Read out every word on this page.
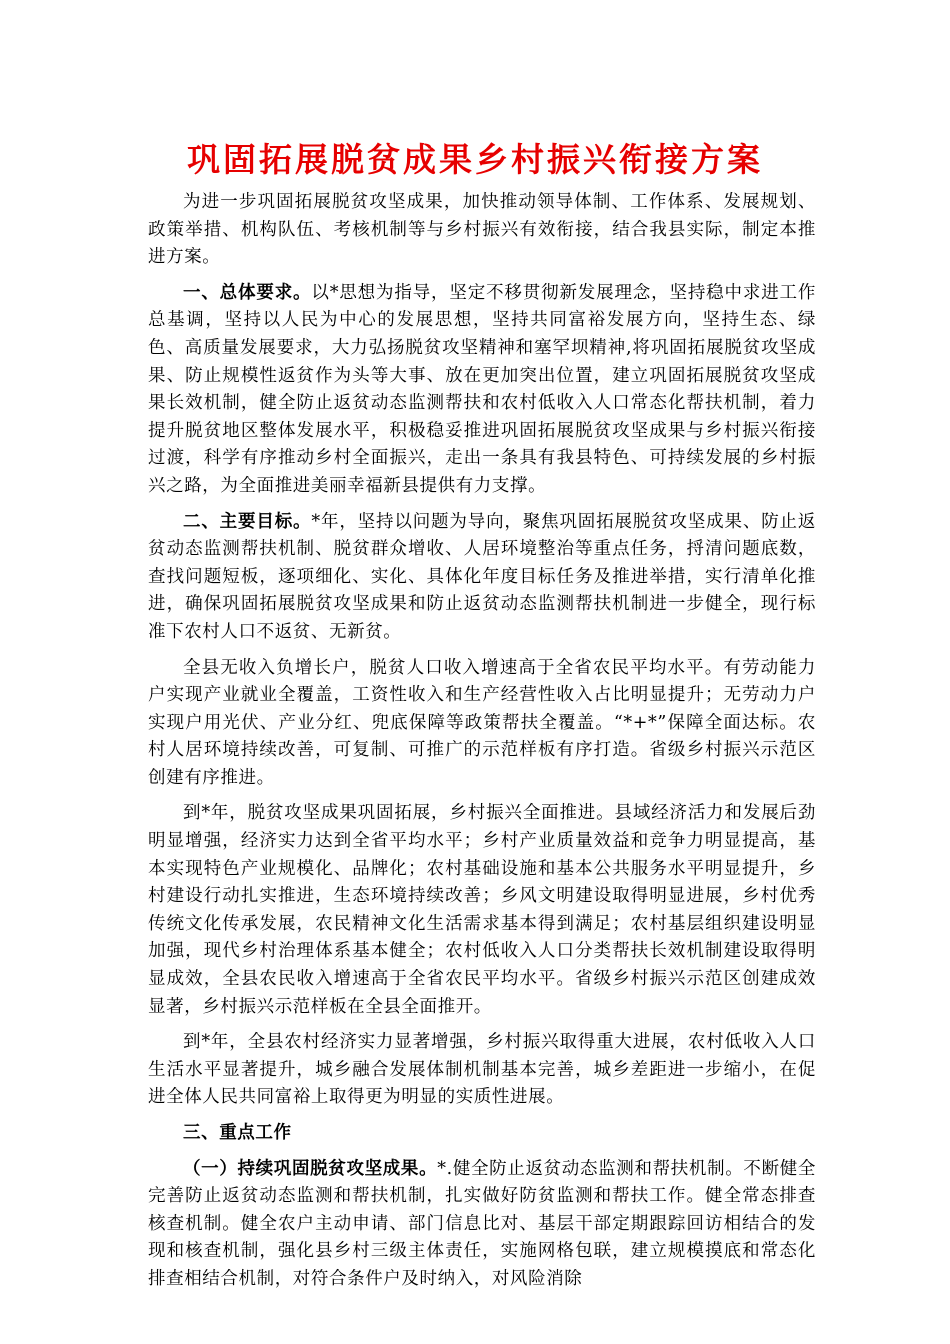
巩固拓展脱贫成果乡村振兴衔接方案

为进一步巩固拓展脱贫攻坚成果，加快推动领导体制、工作体系、发展规划、政策举措、机构队伍、考核机制等与乡村振兴有效衔接，结合我县实际，制定本推进方案。

一、总体要求。以*思想为指导，坚定不移贯彻新发展理念，坚持稳中求进工作总基调，坚持以人民为中心的发展思想，坚持共同富裕发展方向，坚持生态、绿色、高质量发展要求，大力弘扬脱贫攻坚精神和塞罕坝精神,将巩固拓展脱贫攻坚成果、防止规模性返贫作为头等大事、放在更加突出位置，建立巩固拓展脱贫攻坚成果长效机制，健全防止返贫动态监测帮扶和农村低收入人口常态化帮扶机制，着力提升脱贫地区整体发展水平，积极稳妥推进巩固拓展脱贫攻坚成果与乡村振兴衔接过渡，科学有序推动乡村全面振兴，走出一条具有我县特色、可持续发展的乡村振兴之路，为全面推进美丽幸福新县提供有力支撑。

二、主要目标。*年，坚持以问题为导向，聚焦巩固拓展脱贫攻坚成果、防止返贫动态监测帮扶机制、脱贫群众增收、人居环境整治等重点任务，捋清问题底数，查找问题短板，逐项细化、实化、具体化年度目标任务及推进举措，实行清单化推进，确保巩固拓展脱贫攻坚成果和防止返贫动态监测帮扶机制进一步健全，现行标准下农村人口不返贫、无新贫。

全县无收入负增长户，脱贫人口收入增速高于全省农民平均水平。有劳动能力户实现产业就业全覆盖，工资性收入和生产经营性收入占比明显提升；无劳动力户实现户用光伏、产业分红、兜底保障等政策帮扶全覆盖。“*+*”保障全面达标。农村人居环境持续改善，可复制、可推广的示范样板有序打造。省级乡村振兴示范区创建有序推进。

到*年，脱贫攻坚成果巩固拓展，乡村振兴全面推进。县域经济活力和发展后劲明显增强，经济实力达到全省平均水平；乡村产业质量效益和竞争力明显提高，基本实现特色产业规模化、品牌化；农村基础设施和基本公共服务水平明显提升，乡村建设行动扎实推进，生态环境持续改善；乡风文明建设取得明显进展，乡村优秀传统文化传承发展，农民精神文化生活需求基本得到满足；农村基层组织建设明显加强，现代乡村治理体系基本健全；农村低收入人口分类帮扶长效机制建设取得明显成效，全县农民收入增速高于全省农民平均水平。省级乡村振兴示范区创建成效显著，乡村振兴示范样板在全县全面推开。

到*年，全县农村经济实力显著增强，乡村振兴取得重大进展，农村低收入人口生活水平显著提升，城乡融合发展体制机制基本完善，城乡差距进一步缩小，在促进全体人民共同富裕上取得更为明显的实质性进展。

三、重点工作

（一）持续巩固脱贫攻坚成果。*.健全防止返贫动态监测和帮扶机制。不断健全完善防止返贫动态监测和帮扶机制，扎实做好防贫监测和帮扶工作。健全常态排查核查机制。健全农户主动申请、部门信息比对、基层干部定期跟踪回访相结合的发现和核查机制，强化县乡村三级主体责任，实施网格包联，建立规模摸底和常态化排查相结合机制，对符合条件户及时纳入，对风险消除
